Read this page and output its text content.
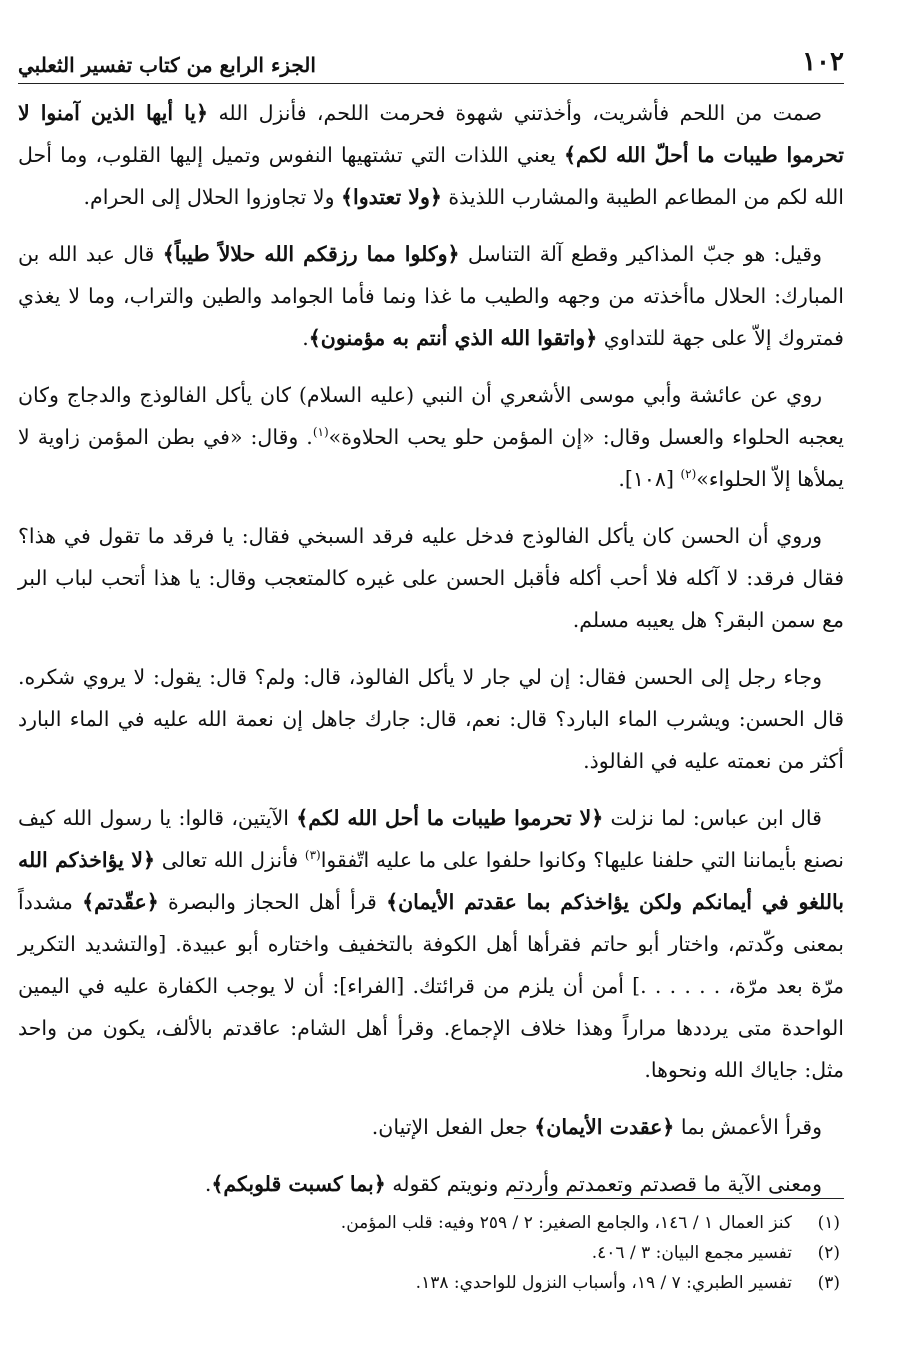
١٠٢
الجزء الرابع من كتاب تفسير الثعلبي

صمت من اللحم فأشريت، وأخذتني شهوة فحرمت اللحم، فأنزل الله ﴿يا أيها الذين آمنوا لا تحرموا طيبات ما أحلّ الله لكم﴾ يعني اللذات التي تشتهيها النفوس وتميل إليها القلوب، وما أحل الله لكم من المطاعم الطيبة والمشارب اللذيذة ﴿ولا تعتدوا﴾ ولا تجاوزوا الحلال إلى الحرام.

وقيل: هو جبّ المذاكير وقطع آلة التناسل ﴿وكلوا مما رزقكم الله حلالاً طيباً﴾ قال عبد الله بن المبارك: الحلال ماأخذته من وجهه والطيب ما غذا ونما فأما الجوامد والطين والتراب، وما لا يغذي فمتروك إلاّ على جهة للتداوي ﴿واتقوا الله الذي أنتم به مؤمنون﴾.

روي عن عائشة وأبي موسى الأشعري أن النبي (عليه السلام) كان يأكل الفالوذج والدجاج وكان يعجبه الحلواء والعسل وقال: «إن المؤمن حلو يحب الحلاوة»$^{(١)}$. وقال: «في بطن المؤمن زاوية لا يملأها إلاّ الحلواء»$^{(٢)}$ [١٠٨].

وروي أن الحسن كان يأكل الفالوذج فدخل عليه فرقد السبخي فقال: يا فرقد ما تقول في هذا؟ فقال فرقد: لا آكله فلا أحب أكله فأقبل الحسن على غيره كالمتعجب وقال: يا هذا أتحب لباب البر مع سمن البقر؟ هل يعيبه مسلم.

وجاء رجل إلى الحسن فقال: إن لي جار لا يأكل الفالوذ، قال: ولم؟ قال: يقول: لا يروي شكره. قال الحسن: ويشرب الماء البارد؟ قال: نعم، قال: جارك جاهل إن نعمة الله عليه في الماء البارد أكثر من نعمته عليه في الفالوذ.

قال ابن عباس: لما نزلت ﴿لا تحرموا طيبات ما أحل الله لكم﴾ الآيتين، قالوا: يا رسول الله كيف نصنع بأيماننا التي حلفنا عليها؟ وكانوا حلفوا على ما عليه اتّفقوا$^{(٣)}$ فأنزل الله تعالى ﴿لا يؤاخذكم الله باللغو في أيمانكم ولكن يؤاخذكم بما عقدتم الأيمان﴾ قرأ أهل الحجاز والبصرة ﴿عقّدتم﴾ مشدداً بمعنى وكّدتم، واختار أبو حاتم فقرأها أهل الكوفة بالتخفيف واختاره أبو عبيدة. [والتشديد التكرير مرّة بعد مرّة، . . . . . .] أمن أن يلزم من قرائتك. [الفراء]: أن لا يوجب الكفارة عليه في اليمين الواحدة متى يرددها مراراً وهذا خلاف الإجماع. وقرأ أهل الشام: عاقدتم بالألف، يكون من واحد مثل: جاياك الله ونحوها.

وقرأ الأعمش بما ﴿عقدت الأيمان﴾ جعل الفعل الإتيان.

ومعنى الآية ما قصدتم وتعمدتم وأردتم ونويتم كقوله ﴿بما كسبت قلوبكم﴾.

(١)
كنز العمال ١ / ١٤٦، والجامع الصغير: ٢ / ٢٥٩ وفيه: قلب المؤمن.
(٢)
تفسير مجمع البيان: ٣ / ٤٠٦.
(٣)
تفسير الطبري: ٧ / ١٩، وأسباب النزول للواحدي: ١٣٨.
